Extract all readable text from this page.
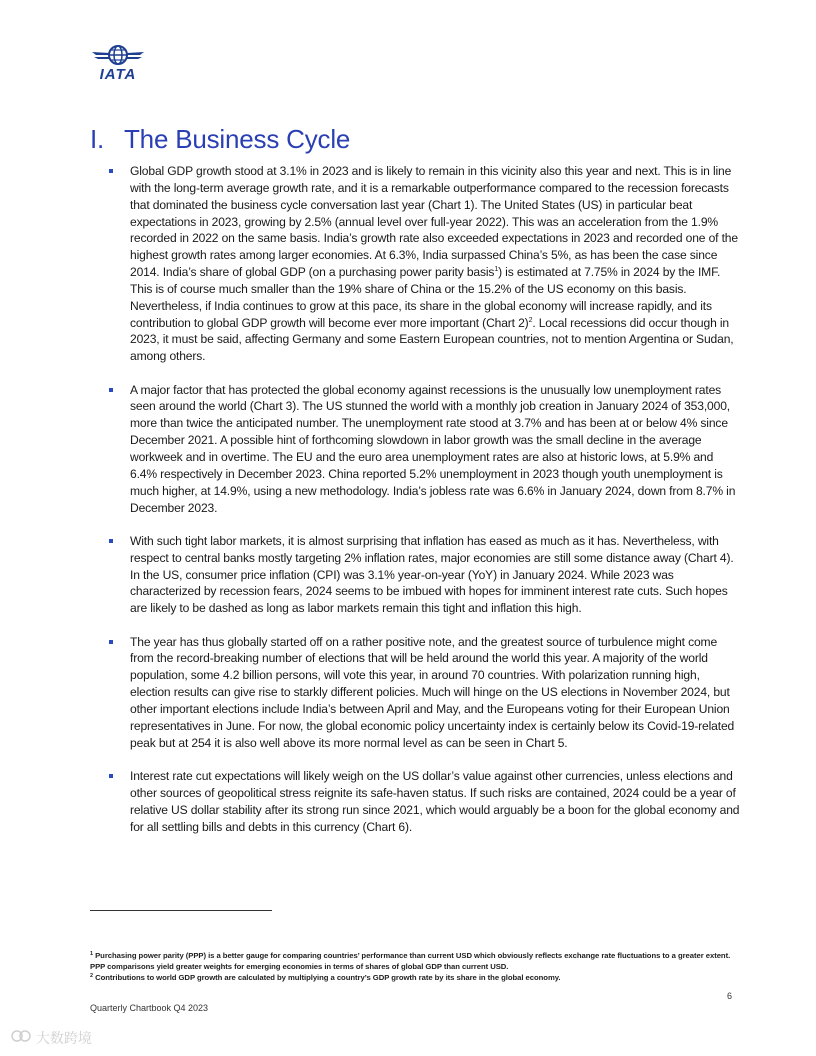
IATA
I. The Business Cycle
Global GDP growth stood at 3.1% in 2023 and is likely to remain in this vicinity also this year and next. This is in line with the long-term average growth rate, and it is a remarkable outperformance compared to the recession forecasts that dominated the business cycle conversation last year (Chart 1). The United States (US) in particular beat expectations in 2023, growing by 2.5% (annual level over full-year 2022). This was an acceleration from the 1.9% recorded in 2022 on the same basis. India’s growth rate also exceeded expectations in 2023 and recorded one of the highest growth rates among larger economies. At 6.3%, India surpassed China’s 5%, as has been the case since 2014. India’s share of global GDP (on a purchasing power parity basis$^1$) is estimated at 7.75% in 2024 by the IMF. This is of course much smaller than the 19% share of China or the 15.2% of the US economy on this basis. Nevertheless, if India continues to grow at this pace, its share in the global economy will increase rapidly, and its contribution to global GDP growth will become ever more important (Chart 2)$^2$. Local recessions did occur though in 2023, it must be said, affecting Germany and some Eastern European countries, not to mention Argentina or Sudan, among others.
A major factor that has protected the global economy against recessions is the unusually low unemployment rates seen around the world (Chart 3). The US stunned the world with a monthly job creation in January 2024 of 353,000, more than twice the anticipated number. The unemployment rate stood at 3.7% and has been at or below 4% since December 2021. A possible hint of forthcoming slowdown in labor growth was the small decline in the average workweek and in overtime. The EU and the euro area unemployment rates are also at historic lows, at 5.9% and 6.4% respectively in December 2023. China reported 5.2% unemployment in 2023 though youth unemployment is much higher, at 14.9%, using a new methodology. India’s jobless rate was 6.6% in January 2024, down from 8.7% in December 2023.
With such tight labor markets, it is almost surprising that inflation has eased as much as it has. Nevertheless, with respect to central banks mostly targeting 2% inflation rates, major economies are still some distance away (Chart 4). In the US, consumer price inflation (CPI) was 3.1% year-on-year (YoY) in January 2024. While 2023 was characterized by recession fears, 2024 seems to be imbued with hopes for imminent interest rate cuts. Such hopes are likely to be dashed as long as labor markets remain this tight and inflation this high.
The year has thus globally started off on a rather positive note, and the greatest source of turbulence might come from the record-breaking number of elections that will be held around the world this year. A majority of the world population, some 4.2 billion persons, will vote this year, in around 70 countries. With polarization running high, election results can give rise to starkly different policies. Much will hinge on the US elections in November 2024, but other important elections include India’s between April and May, and the Europeans voting for their European Union representatives in June. For now, the global economic policy uncertainty index is certainly below its Covid-19-related peak but at 254 it is also well above its more normal level as can be seen in Chart 5.
Interest rate cut expectations will likely weigh on the US dollar’s value against other currencies, unless elections and other sources of geopolitical stress reignite its safe-haven status. If such risks are contained, 2024 could be a year of relative US dollar stability after its strong run since 2021, which would arguably be a boon for the global economy and for all settling bills and debts in this currency (Chart 6).
$^1$ Purchasing power parity (PPP) is a better gauge for comparing countries’ performance than current USD which obviously reflects exchange rate fluctuations to a greater extent. PPP comparisons yield greater weights for emerging economies in terms of shares of global GDP than current USD.
$^2$ Contributions to world GDP growth are calculated by multiplying a country’s GDP growth rate by its share in the global economy.
6
Quarterly Chartbook Q4 2023
大数跨境
